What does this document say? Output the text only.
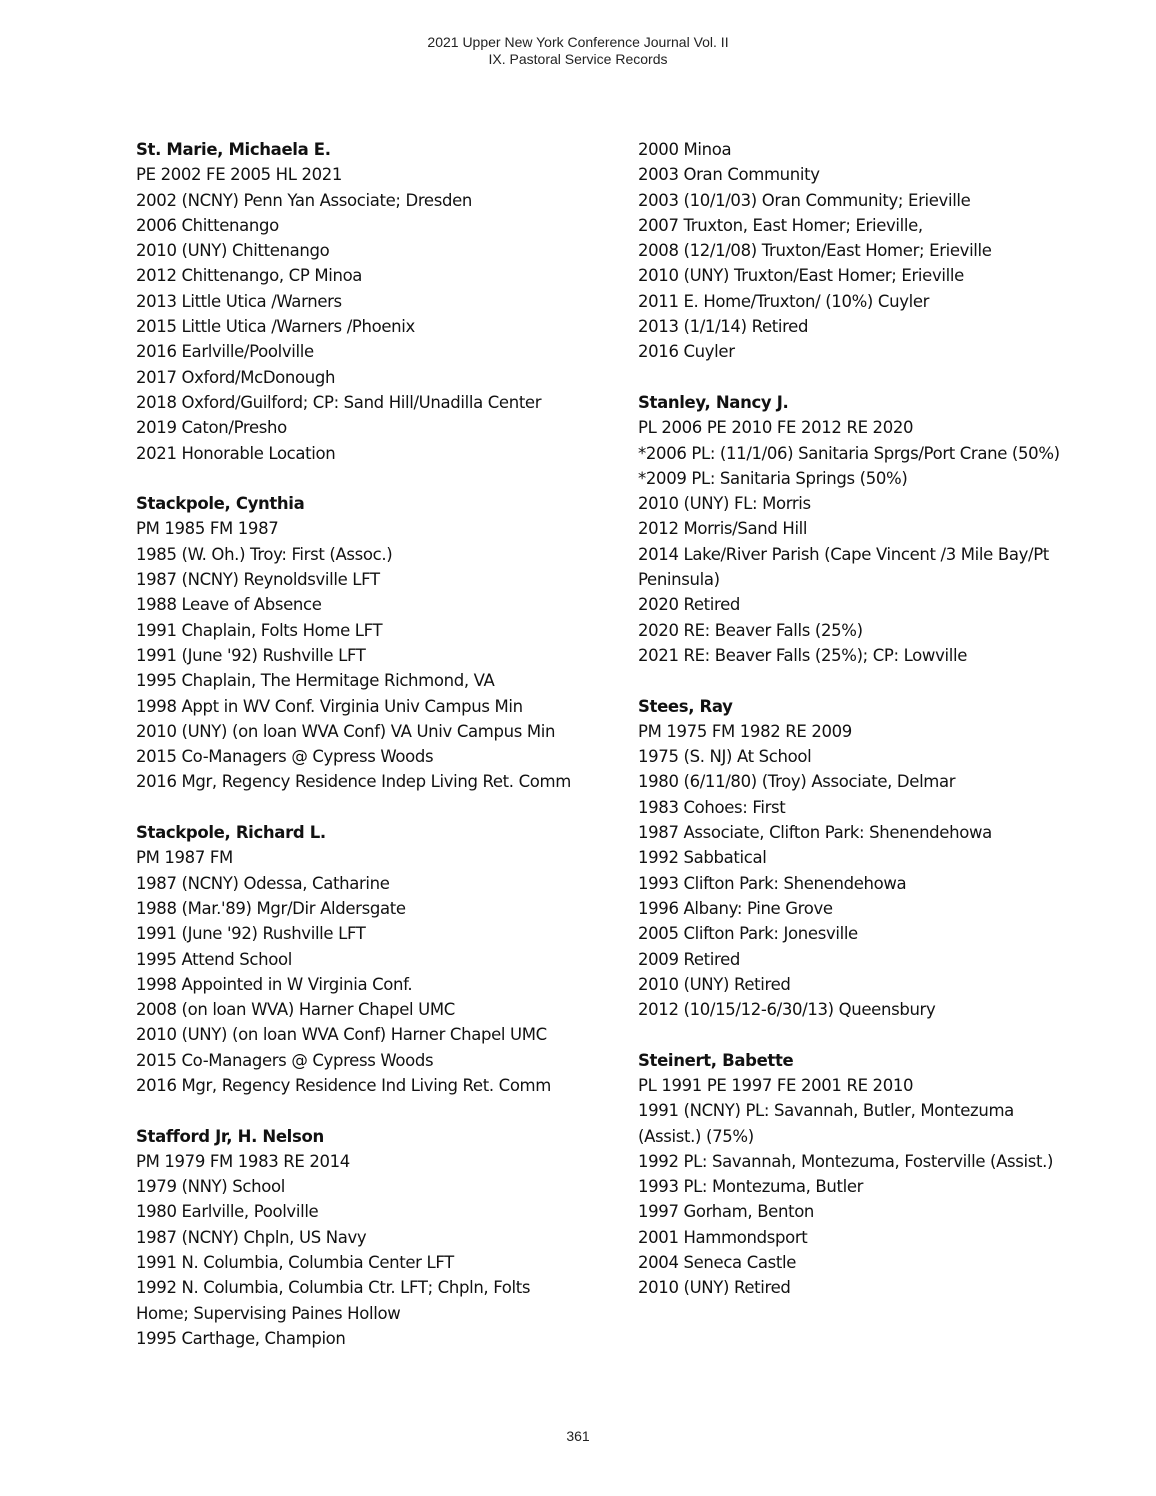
2021 Upper New York Conference Journal Vol. II
IX. Pastoral Service Records
St. Marie, Michaela E.
PE 2002 FE 2005 HL 2021
2002 (NCNY) Penn Yan Associate; Dresden
2006 Chittenango
2010 (UNY) Chittenango
2012 Chittenango, CP Minoa
2013 Little Utica /Warners
2015 Little Utica /Warners /Phoenix
2016 Earlville/Poolville
2017 Oxford/McDonough
2018 Oxford/Guilford; CP: Sand Hill/Unadilla Center
2019 Caton/Presho
2021 Honorable Location
Stackpole, Cynthia
PM 1985 FM 1987
1985 (W. Oh.) Troy: First (Assoc.)
1987 (NCNY) Reynoldsville LFT
1988 Leave of Absence
1991 Chaplain, Folts Home LFT
1991 (June '92) Rushville LFT
1995 Chaplain, The Hermitage Richmond, VA
1998 Appt in WV Conf. Virginia Univ Campus Min
2010 (UNY) (on loan WVA Conf) VA Univ Campus Min
2015 Co-Managers @ Cypress Woods
2016 Mgr, Regency Residence Indep Living Ret. Comm
Stackpole, Richard L.
PM 1987 FM
1987 (NCNY) Odessa, Catharine
1988 (Mar.'89) Mgr/Dir Aldersgate
1991 (June '92) Rushville LFT
1995 Attend School
1998 Appointed in W Virginia Conf.
2008 (on loan WVA) Harner Chapel UMC
2010 (UNY) (on loan WVA Conf) Harner Chapel UMC
2015 Co-Managers @ Cypress Woods
2016 Mgr, Regency Residence Ind Living Ret. Comm
Stafford Jr, H. Nelson
PM 1979 FM 1983 RE 2014
1979 (NNY) School
1980 Earlville, Poolville
1987 (NCNY) Chpln, US Navy
1991 N. Columbia, Columbia Center LFT
1992 N. Columbia, Columbia Ctr. LFT; Chpln, Folts
Home; Supervising Paines Hollow
1995 Carthage, Champion
2000 Minoa
2003 Oran Community
2003 (10/1/03) Oran Community; Erieville
2007 Truxton, East Homer; Erieville,
2008 (12/1/08) Truxton/East Homer; Erieville
2010 (UNY) Truxton/East Homer; Erieville
2011 E. Home/Truxton/ (10%) Cuyler
2013 (1/1/14) Retired
2016 Cuyler
Stanley, Nancy J.
PL 2006 PE 2010 FE 2012 RE 2020
*2006 PL: (11/1/06) Sanitaria Sprgs/Port Crane (50%)
*2009 PL: Sanitaria Springs (50%)
2010 (UNY) FL: Morris
2012 Morris/Sand Hill
2014 Lake/River Parish (Cape Vincent /3 Mile Bay/Pt
Peninsula)
2020 Retired
2020 RE: Beaver Falls (25%)
2021 RE: Beaver Falls (25%); CP: Lowville
Stees, Ray
PM 1975 FM 1982 RE 2009
1975 (S. NJ) At School
1980 (6/11/80) (Troy) Associate, Delmar
1983 Cohoes: First
1987 Associate, Clifton Park: Shenendehowa
1992 Sabbatical
1993 Clifton Park: Shenendehowa
1996 Albany: Pine Grove
2005 Clifton Park: Jonesville
2009 Retired
2010 (UNY) Retired
2012 (10/15/12-6/30/13) Queensbury
Steinert, Babette
PL 1991 PE 1997 FE 2001 RE 2010
1991 (NCNY) PL: Savannah, Butler, Montezuma
(Assist.) (75%)
1992 PL: Savannah, Montezuma, Fosterville (Assist.)
1993 PL: Montezuma, Butler
1997 Gorham, Benton
2001 Hammondsport
2004 Seneca Castle
2010 (UNY) Retired
361
